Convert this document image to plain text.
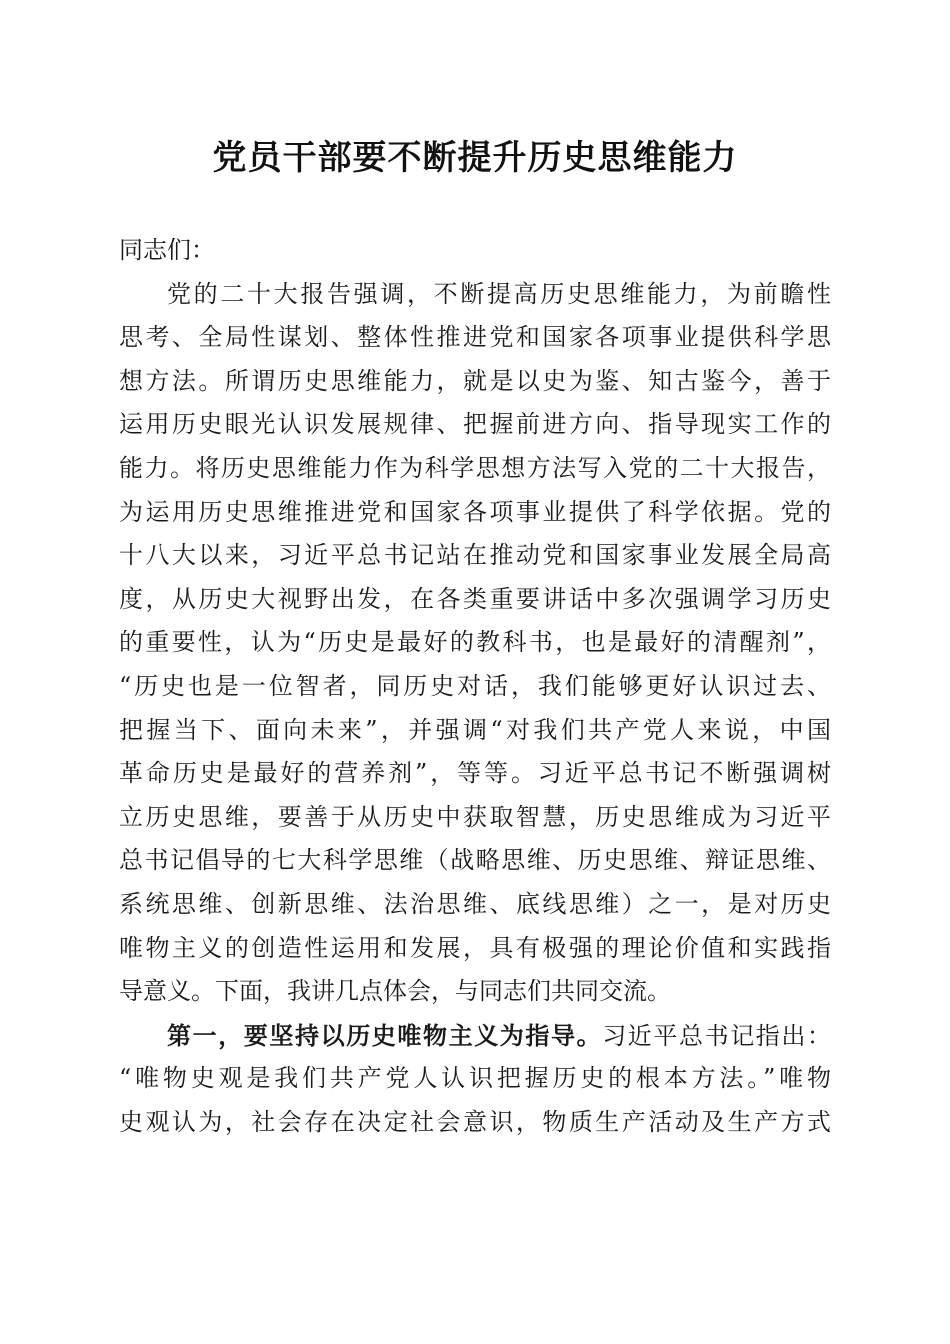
党员干部要不断提升历史思维能力
同志们：
党的二十大报告强调，不断提高历史思维能力，为前瞻性
思考、全局性谋划、整体性推进党和国家各项事业提供科学思
想方法。所谓历史思维能力，就是以史为鉴、知古鉴今，善于
运用历史眼光认识发展规律、把握前进方向、指导现实工作的
能力。将历史思维能力作为科学思想方法写入党的二十大报告，
为运用历史思维推进党和国家各项事业提供了科学依据。党的
十八大以来，习近平总书记站在推动党和国家事业发展全局高
度，从历史大视野出发，在各类重要讲话中多次强调学习历史
的重要性，认为“历史是最好的教科书，也是最好的清醒剂”，
“历史也是一位智者，同历史对话，我们能够更好认识过去、
把握当下、面向未来”，并强调“对我们共产党人来说，中国
革命历史是最好的营养剂”，等等。习近平总书记不断强调树
立历史思维，要善于从历史中获取智慧，历史思维成为习近平
总书记倡导的七大科学思维（战略思维、历史思维、辩证思维、
系统思维、创新思维、法治思维、底线思维）之一，是对历史
唯物主义的创造性运用和发展，具有极强的理论价值和实践指
导意义。下面，我讲几点体会，与同志们共同交流。
第一，要坚持以历史唯物主义为指导。习近平总书记指出：
“唯物史观是我们共产党人认识把握历史的根本方法。”唯物
史观认为，社会存在决定社会意识，物质生产活动及生产方式
